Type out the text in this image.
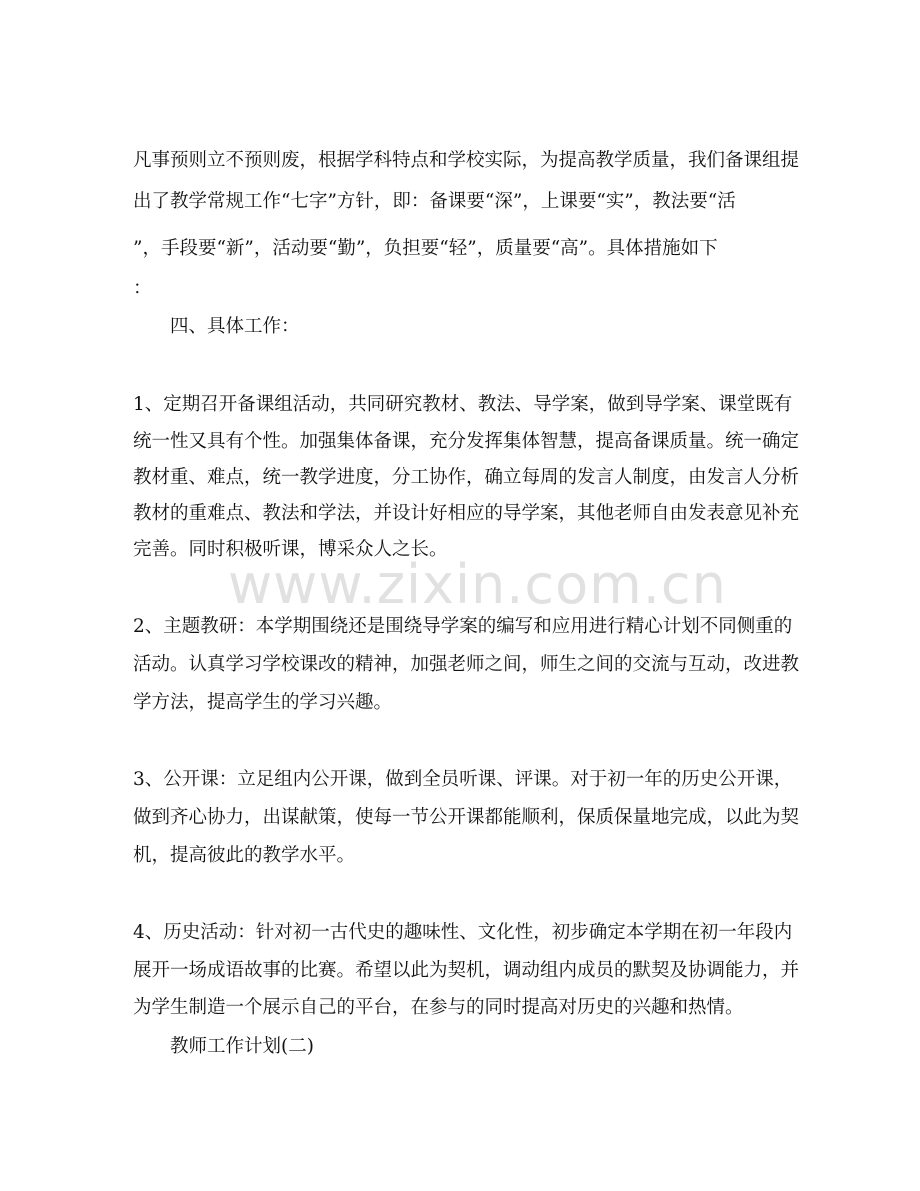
www.zixin.com.cn
凡事预则立不预则废，根据学科特点和学校实际，为提高教学质量，我们备课组提
出了教学常规工作“七字”方针，即：备课要“深”，上课要“实”，教法要“活
”，手段要“新”，活动要“勤”，负担要“轻”，质量要“高”。具体措施如下
：
四、具体工作：
1、定期召开备课组活动，共同研究教材、教法、导学案，做到导学案、课堂既有
统一性又具有个性。加强集体备课，充分发挥集体智慧，提高备课质量。统一确定
教材重、难点，统一教学进度，分工协作，确立每周的发言人制度，由发言人分析
教材的重难点、教法和学法，并设计好相应的导学案，其他老师自由发表意见补充
完善。同时积极听课，博采众人之长。
2、主题教研：本学期围绕还是围绕导学案的编写和应用进行精心计划不同侧重的
活动。认真学习学校课改的精神，加强老师之间，师生之间的交流与互动，改进教
学方法，提高学生的学习兴趣。
3、公开课：立足组内公开课，做到全员听课、评课。对于初一年的历史公开课，
做到齐心协力，出谋献策，使每一节公开课都能顺利，保质保量地完成，以此为契
机，提高彼此的教学水平。
4、历史活动：针对初一古代史的趣味性、文化性，初步确定本学期在初一年段内
展开一场成语故事的比赛。希望以此为契机，调动组内成员的默契及协调能力，并
为学生制造一个展示自己的平台，在参与的同时提高对历史的兴趣和热情。
教师工作计划(二)
